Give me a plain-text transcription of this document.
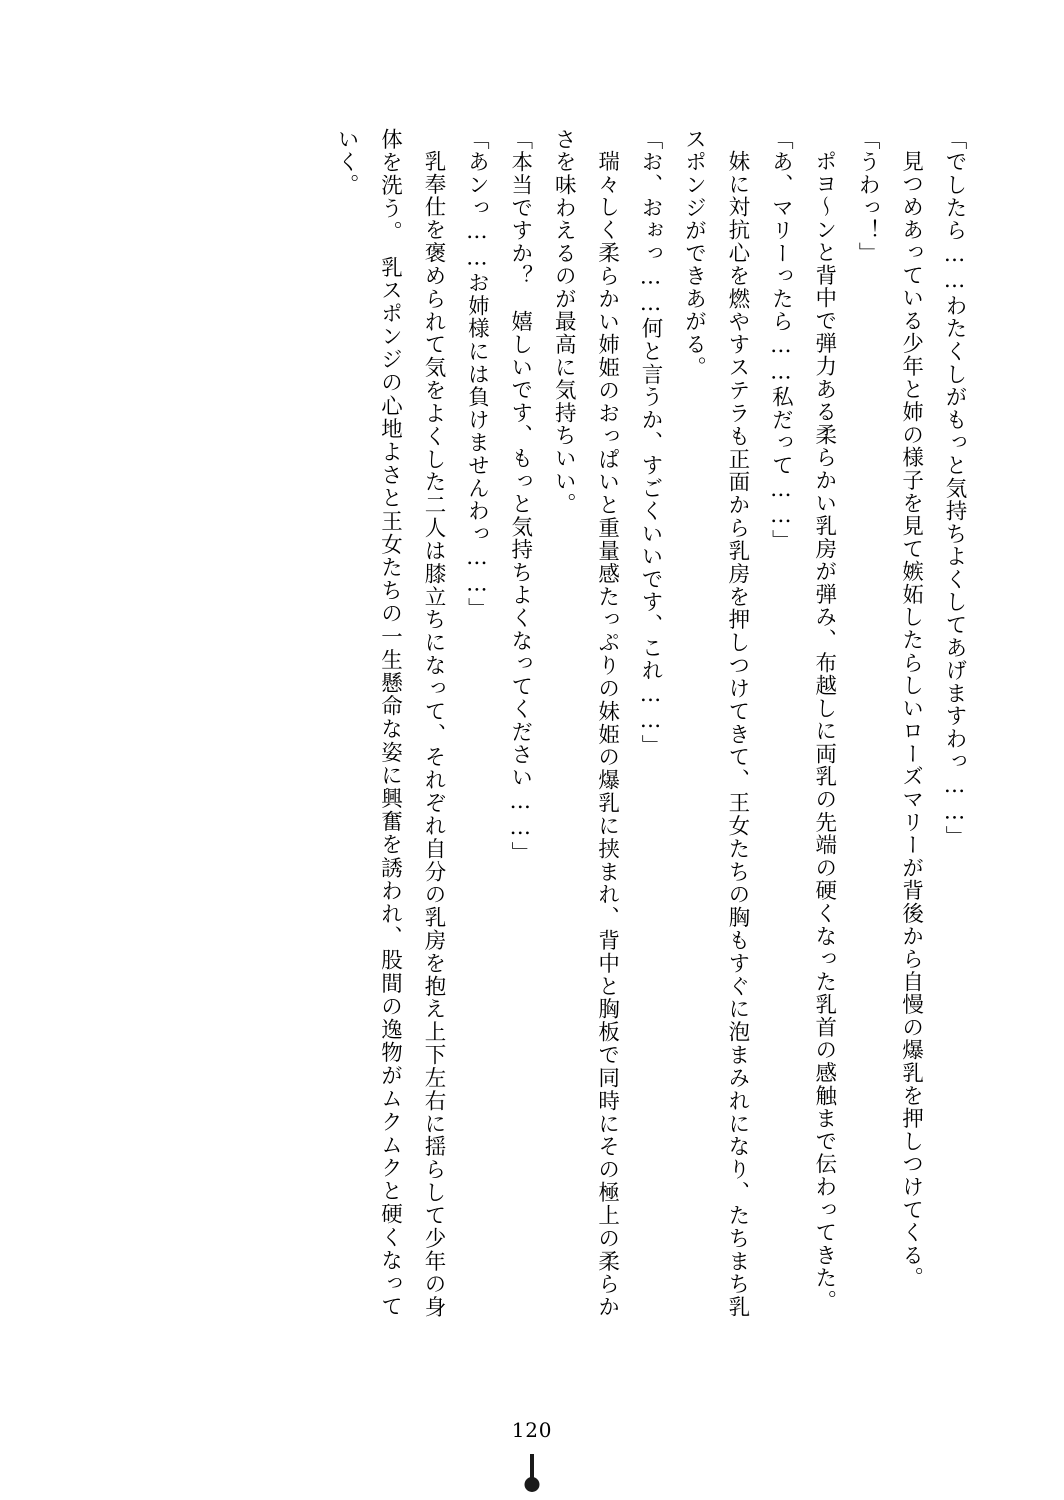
「でしたら……わたくしがもっと気持ちよくしてあげますわっ……」

見つめあっている少年と姉の様子を見て嫉妬したらしいローズマリーが背後から自慢の爆乳を押しつけてくる。

「うわっ！」

ポヨ～ンと背中で弾力ある柔らかい乳房が弾み、布越しに両乳の先端の硬くなった乳首の感触まで伝わってきた。

「あ、マリーったら……私だって……」

妹に対抗心を燃やすステラも正面から乳房を押しつけてきて、王女たちの胸もすぐに泡まみれになり、たちまち乳スポンジができあがる。

「お、おぉっ……何と言うか、すごくいいです、これ……」

瑞々しく柔らかい姉姫のおっぱいと重量感たっぷりの妹姫の爆乳に挟まれ、背中と胸板で同時にその極上の柔らかさを味わえるのが最高に気持ちいい。

「本当ですか？　嬉しいです、もっと気持ちよくなってください……」

「あンっ……お姉様には負けませんわっ……」

乳奉仕を褒められて気をよくした二人は膝立ちになって、それぞれ自分の乳房を抱え上下左右に揺らして少年の身体を洗う。　乳スポンジの心地よさと王女たちの一生懸命な姿に興奮を誘われ、股間の逸物がムクムクと硬くなっていく。

120
